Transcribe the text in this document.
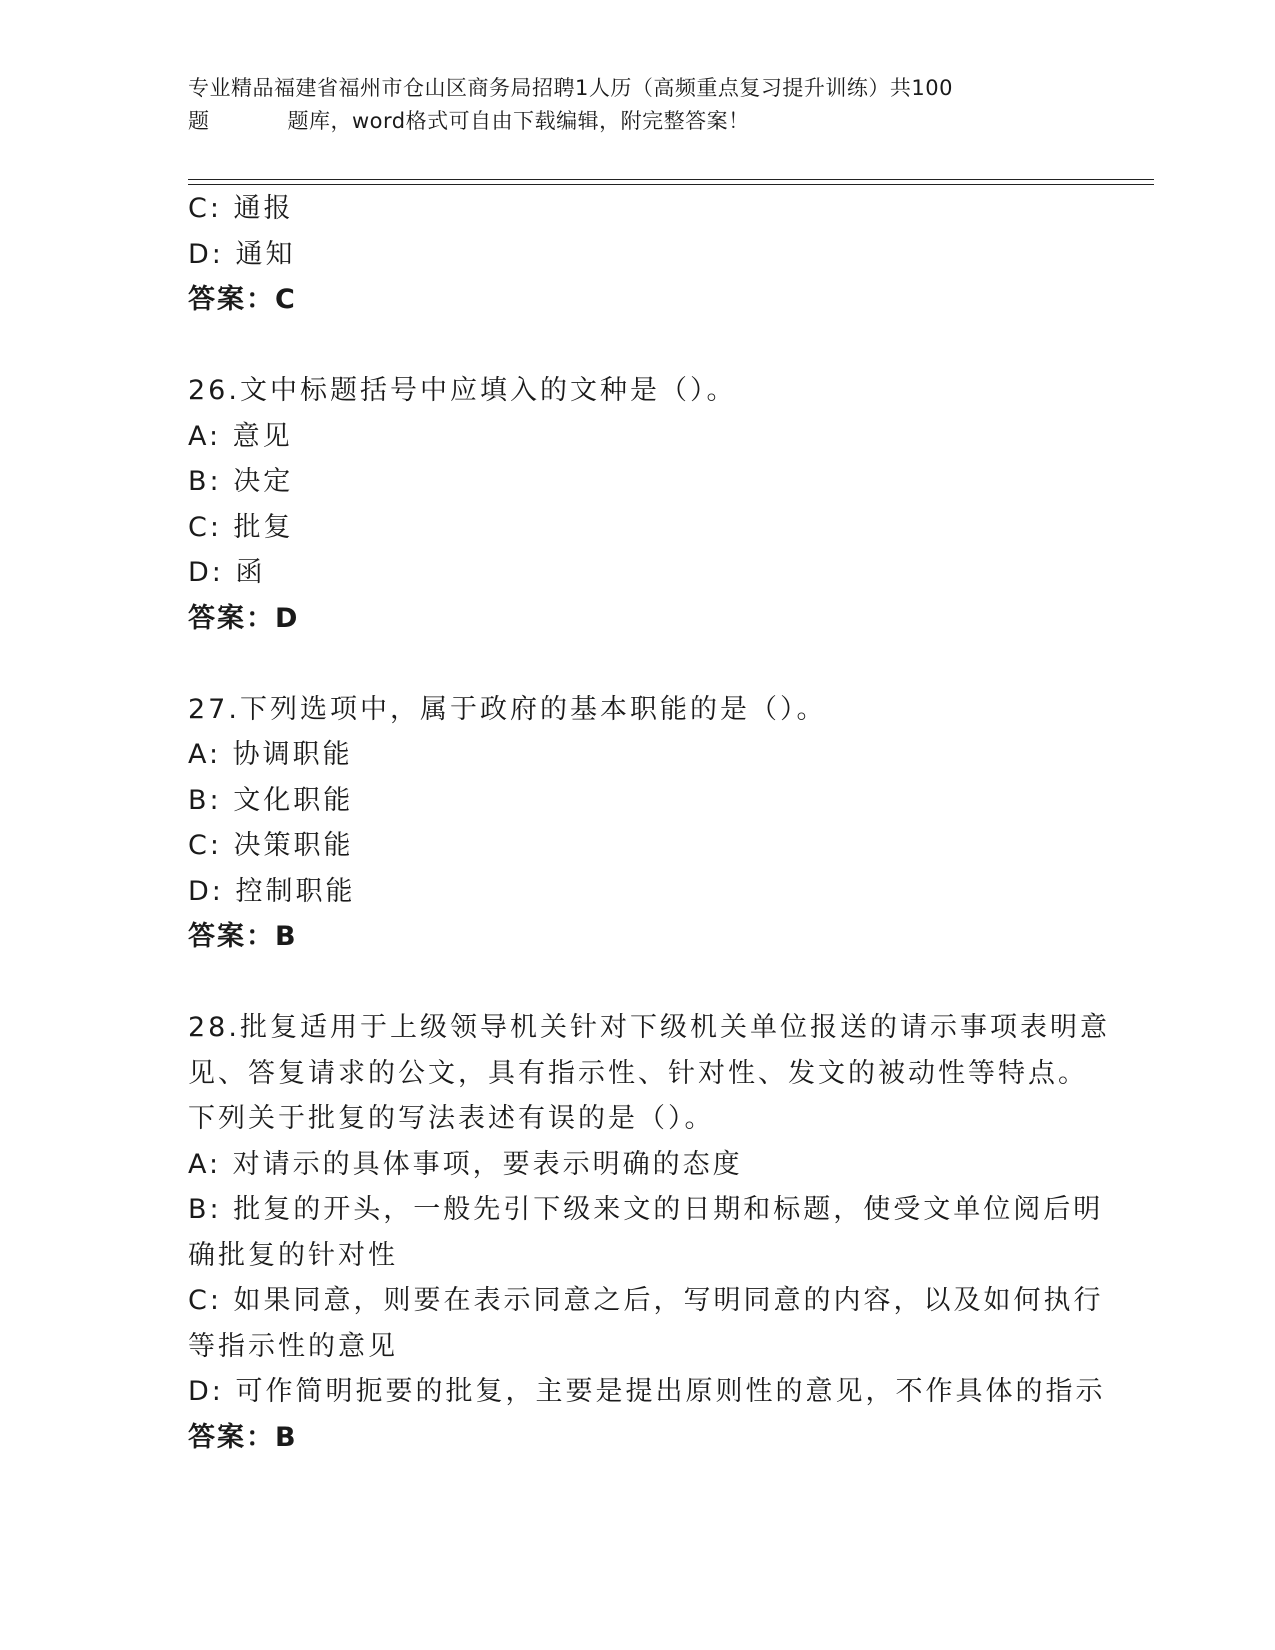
专业精品福建省福州市仓山区商务局招聘1人历（高频重点复习提升训练）共100
题	题库，word格式可自由下载编辑，附完整答案！
C: 通报
D: 通知
答案：C
26.文中标题括号中应填入的文种是（）。
A: 意见
B: 决定
C: 批复
D: 函
答案：D
27.下列选项中，属于政府的基本职能的是（）。
A: 协调职能
B: 文化职能
C: 决策职能
D: 控制职能
答案：B
28.批复适用于上级领导机关针对下级机关单位报送的请示事项表明意
见、答复请求的公文，具有指示性、针对性、发文的被动性等特点。
下列关于批复的写法表述有误的是（）。
A: 对请示的具体事项，要表示明确的态度
B: 批复的开头，一般先引下级来文的日期和标题，使受文单位阅后明
确批复的针对性
C: 如果同意，则要在表示同意之后，写明同意的内容，以及如何执行
等指示性的意见
D: 可作简明扼要的批复，主要是提出原则性的意见，不作具体的指示
答案：B
